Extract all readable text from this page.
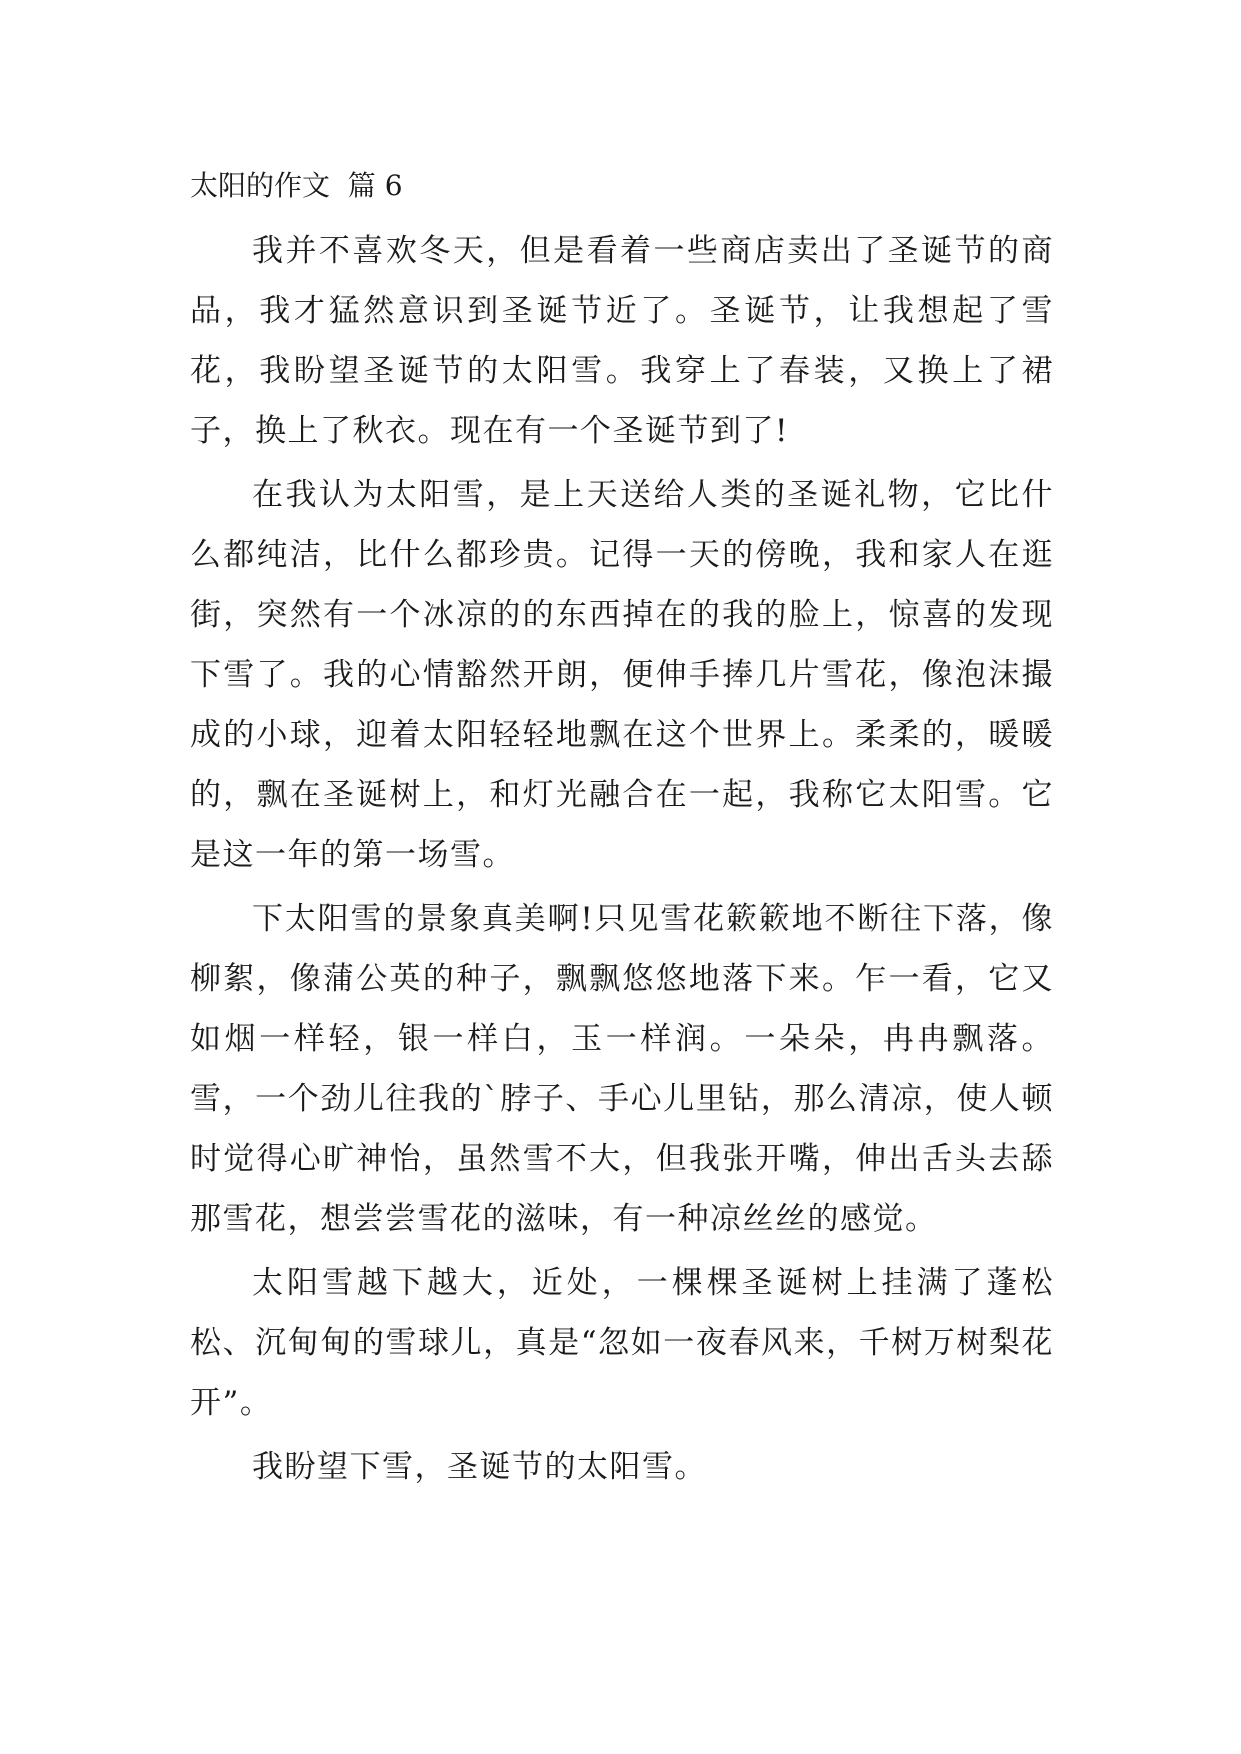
太阳的作文  篇 6

我并不喜欢冬天，但是看着一些商店卖出了圣诞节的商品，我才猛然意识到圣诞节近了。圣诞节，让我想起了雪花，我盼望圣诞节的太阳雪。我穿上了春装，又换上了裙子，换上了秋衣。现在有一个圣诞节到了!

在我认为太阳雪，是上天送给人类的圣诞礼物，它比什么都纯洁，比什么都珍贵。记得一天的傍晚，我和家人在逛街，突然有一个冰凉的的东西掉在的我的脸上，惊喜的发现下雪了。我的心情豁然开朗，便伸手捧几片雪花，像泡沫撮成的小球，迎着太阳轻轻地飘在这个世界上。柔柔的，暖暖的，飘在圣诞树上，和灯光融合在一起，我称它太阳雪。它是这一年的第一场雪。

下太阳雪的景象真美啊!只见雪花簌簌地不断往下落，像柳絮，像蒲公英的种子，飘飘悠悠地落下来。乍一看，它又如烟一样轻，银一样白，玉一样润。一朵朵，冉冉飘落。雪，一个劲儿往我的`脖子、手心儿里钻，那么清凉，使人顿时觉得心旷神怡，虽然雪不大，但我张开嘴，伸出舌头去舔那雪花，想尝尝雪花的滋味，有一种凉丝丝的感觉。

太阳雪越下越大，近处，一棵棵圣诞树上挂满了蓬松松、沉甸甸的雪球儿，真是“忽如一夜春风来，千树万树梨花开”。

我盼望下雪，圣诞节的太阳雪。
